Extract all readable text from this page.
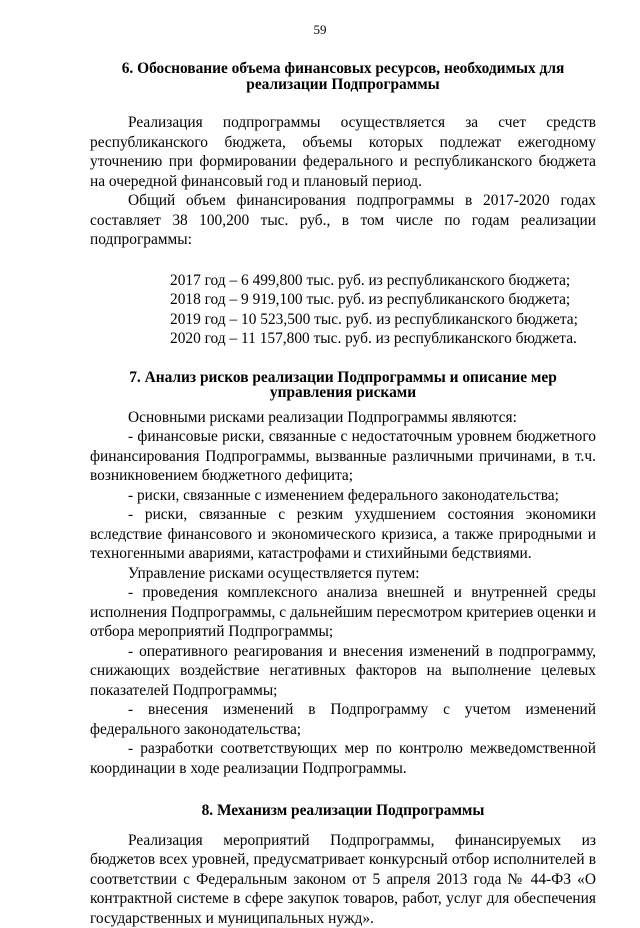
59
6. Обоснование объема финансовых ресурсов, необходимых для
реализации Подпрограммы

Реализация подпрограммы осуществляется за счет средств республиканского бюджета, объемы которых подлежат ежегодному уточнению при формировании федерального и республиканского бюджета на очередной финансовый год и плановый период.

Общий объем финансирования подпрограммы в 2017-2020 годах составляет 38 100,200 тыс. руб., в том числе по годам реализации подпрограммы:

2017 год – 6 499,800 тыс. руб. из республиканского бюджета;
2018 год – 9 919,100 тыс. руб. из республиканского бюджета;
2019 год – 10 523,500 тыс. руб. из республиканского бюджета;
2020 год – 11 157,800 тыс. руб. из республиканского бюджета.
7. Анализ рисков реализации Подпрограммы и описание мер
управления рисками

Основными рисками реализации Подпрограммы являются:

- финансовые риски, связанные с недостаточным уровнем бюджетного финансирования Подпрограммы, вызванные различными причинами, в т.ч. возникновением бюджетного дефицита;

- риски, связанные с изменением федерального законодательства;

- риски, связанные с резким ухудшением состояния экономики вследствие финансового и экономического кризиса, а также природными и техногенными авариями, катастрофами и стихийными бедствиями.

Управление рисками осуществляется путем:

- проведения комплексного анализа внешней и внутренней среды исполнения Подпрограммы, с дальнейшим пересмотром критериев оценки и отбора мероприятий Подпрограммы;

- оперативного реагирования и внесения изменений в подпрограмму, снижающих воздействие негативных факторов на выполнение целевых показателей Подпрограммы;

- внесения изменений в Подпрограмму с учетом изменений федерального законодательства;

- разработки соответствующих мер по контролю межведомственной координации в ходе реализации Подпрограммы.

8. Механизм реализации Подпрограммы

Реализация мероприятий Подпрограммы, финансируемых из бюджетов всех уровней, предусматривает конкурсный отбор исполнителей в соответствии с Федеральным законом от 5 апреля 2013 года № 44-ФЗ «О контрактной системе в сфере закупок товаров, работ, услуг для обеспечения государственных и муниципальных нужд».
